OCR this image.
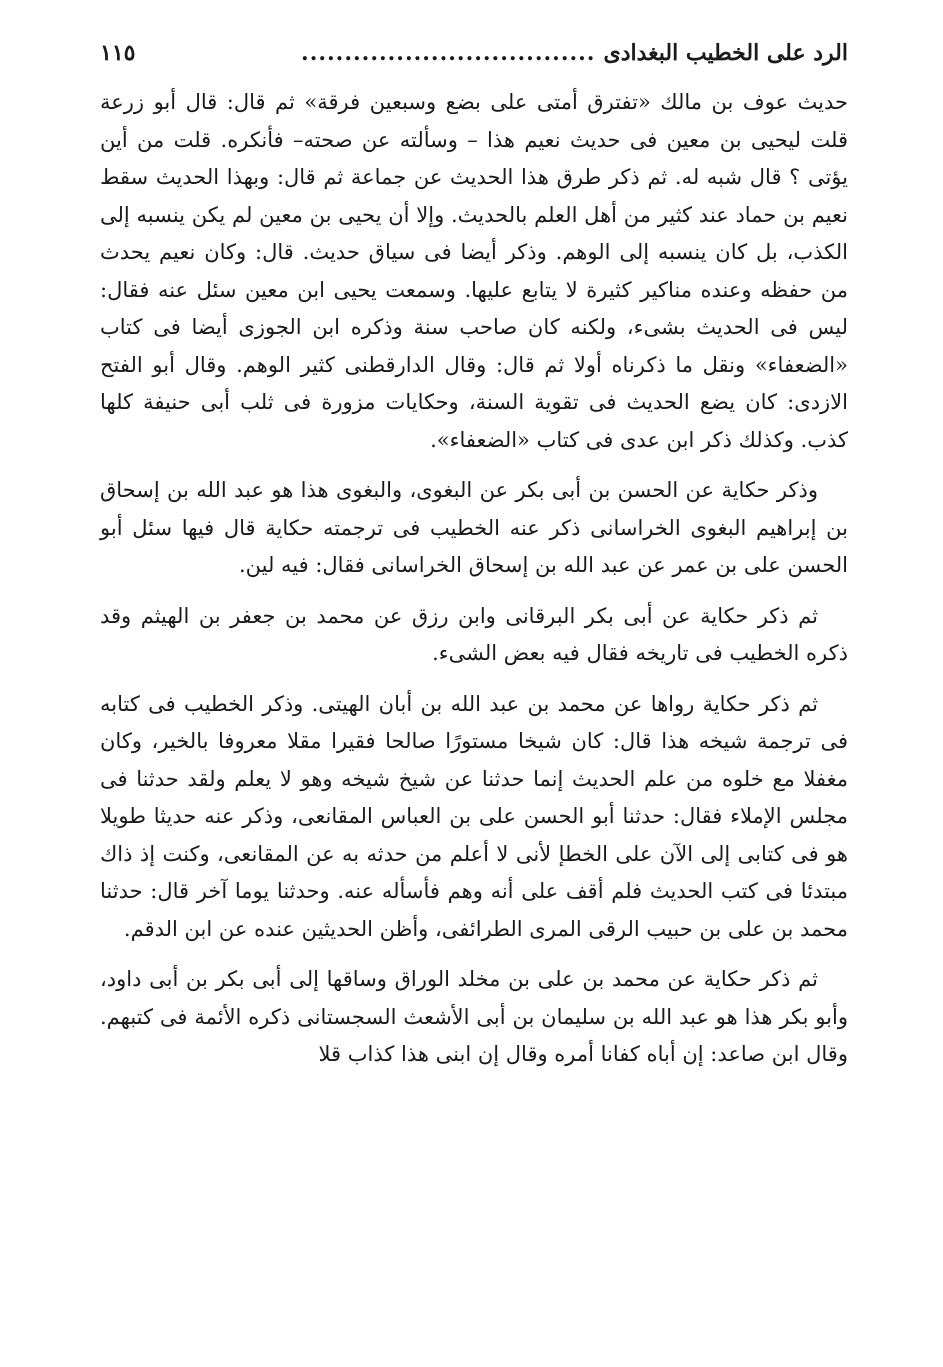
الرد على الخطيب البغدادى
..................................
١١٥

حديث عوف بن مالك «تفترق أمتى على بضع وسبعين فرقة» ثم قال: قال أبو زرعة قلت ليحيى بن معين فى حديث نعيم هذا – وسألته عن صحته– فأنكره. قلت من أين يؤتى ؟ قال شبه له. ثم ذكر طرق هذا الحديث عن جماعة ثم قال: وبهذا الحديث سقط نعيم بن حماد عند كثير من أهل العلم بالحديث. وإلا أن يحيى بن معين لم يكن ينسبه إلى الكذب، بل كان ينسبه إلى الوهم. وذكر أيضا فى سياق حديث. قال: وكان نعيم يحدث من حفظه وعنده مناكير كثيرة لا يتابع عليها. وسمعت يحيى ابن معين سئل عنه فقال: ليس فى الحديث بشىء، ولكنه كان صاحب سنة وذكره ابن الجوزى أيضا فى كتاب «الضعفاء» ونقل ما ذكرناه أولا ثم قال: وقال الدارقطنى كثير الوهم. وقال أبو الفتح الازدى: كان يضع الحديث فى تقوية السنة، وحكايات مزورة فى ثلب أبى حنيفة كلها كذب. وكذلك ذكر ابن عدى فى كتاب «الضعفاء».

وذكر حكاية عن الحسن بن أبى بكر عن البغوى، والبغوى هذا هو عبد الله بن إسحاق بن إبراهيم البغوى الخراسانى ذكر عنه الخطيب فى ترجمته حكاية قال فيها سئل أبو الحسن على بن عمر عن عبد الله بن إسحاق الخراسانى فقال: فيه لين.

ثم ذكر حكاية عن أبى بكر البرقانى وابن رزق عن محمد بن جعفر بن الهيثم وقد ذكره الخطيب فى تاريخه فقال فيه بعض الشىء.

ثم ذكر حكاية رواها عن محمد بن عبد الله بن أبان الهيتى. وذكر الخطيب فى كتابه فى ترجمة شيخه هذا قال: كان شيخا مستورًا صالحا فقيرا مقلا معروفا بالخير، وكان مغفلا مع خلوه من علم الحديث إنما حدثنا عن شيخ شيخه وهو لا يعلم ولقد حدثنا فى مجلس الإملاء فقال: حدثنا أبو الحسن على بن العباس المقانعى، وذكر عنه حديثا طويلا هو فى كتابى إلى الآن على الخطإ لأنى لا أعلم من حدثه به عن المقانعى، وكنت إذ ذاك مبتدئا فى كتب الحديث فلم أقف على أنه وهم فأسأله عنه. وحدثنا يوما آخر قال: حدثنا محمد بن على بن حبيب الرقى المرى الطرائفى، وأظن الحديثين عنده عن ابن الدقم.

ثم ذكر حكاية عن محمد بن على بن مخلد الوراق وساقها إلى أبى بكر بن أبى داود، وأبو بكر هذا هو عبد الله بن سليمان بن أبى الأشعث السجستانى ذكره الأئمة فى كتبهم. وقال ابن صاعد: إن أباه كفانا أمره وقال إن ابنى هذا كذاب قلا
